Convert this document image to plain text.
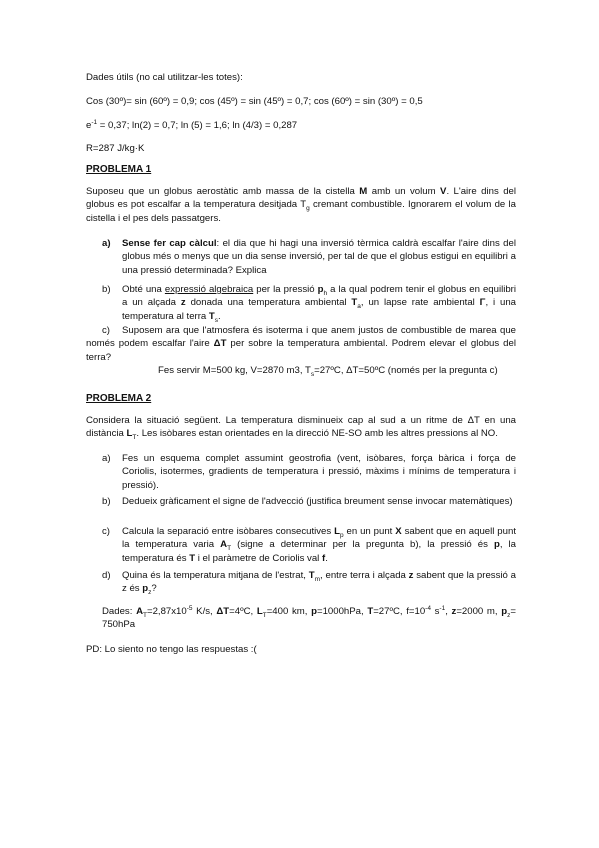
Dades útils (no cal utilitzar-les totes):
Cos (30º)= sin (60º) = 0,9; cos (45º) = sin (45º) = 0,7; cos (60º) = sin (30º) = 0,5
$e^{-1} = 0,37$; ln(2) = 0,7; ln (5) = 1,6; ln (4/3) = 0,287
R=287 J/kg·K
PROBLEMA 1
Suposeu que un globus aerostàtic amb massa de la cistella M amb un volum V. L'aire dins del globus es pot escalfar a la temperatura desitjada $T_g$ cremant combustible. Ignorarem el volum de la cistella i el pes dels passatgers.
a) Sense fer cap càlcul: el dia que hi hagi una inversió tèrmica caldrà escalfar l'aire dins del globus més o menys que un dia sense inversió, per tal de que el globus estigui en equilibri a una pressió determinada? Explica
b) Obté una expressió algebraica per la pressió $p_h$ a la qual podrem tenir el globus en equilibri a un alçada z donada una temperatura ambiental $T_a$, un lapse rate ambiental Γ, i una temperatura al terra $T_s$.
c)	Suposem ara que l'atmosfera és isoterma i que anem justos de combustible de marea que només podem escalfar l'aire ΔT per sobre la temperatura ambiental. Podrem elevar el globus del terra?
Fes servir M=500 kg, V=2870 m3, $T_s=27ºC$, ΔT=50ºC (només per la pregunta c)
PROBLEMA 2
Considera la situació següent. La temperatura disminueix cap al sud a un ritme de ΔT en una distància $L_T$. Les isòbares estan orientades en la direcció NE-SO amb les altres pressions al NO.
a) Fes un esquema complet assumint geostrofia (vent, isòbares, força bàrica i força de Coriolis, isotermes, gradients de temperatura i pressió, màxims i mínims de temperatura i pressió).
b) Dedueix gràficament el signe de l'advecció (justifica breument sense invocar matemàtiques)
c) Calcula la separació entre isòbares consecutives $L_p$ en un punt X sabent que en aquell punt la temperatura varia $A_T$ (signe a determinar per la pregunta b), la pressió és p, la temperatura és T i el paràmetre de Coriolis val f.
d) Quina és la temperatura mitjana de l'estrat, $T_m$, entre terra i alçada z sabent que la pressió a z és $p_z$?
Dades: $A_T=2,87x10^{-5}$ K/s, ΔT=4ºC, $L_T=400$ km, p=1000hPa, T=27ºC, $f=10^{-4}$ $s^{-1}$, z=2000 m, $p_z= 750hPa$
PD: Lo siento no tengo las respuestas :(
